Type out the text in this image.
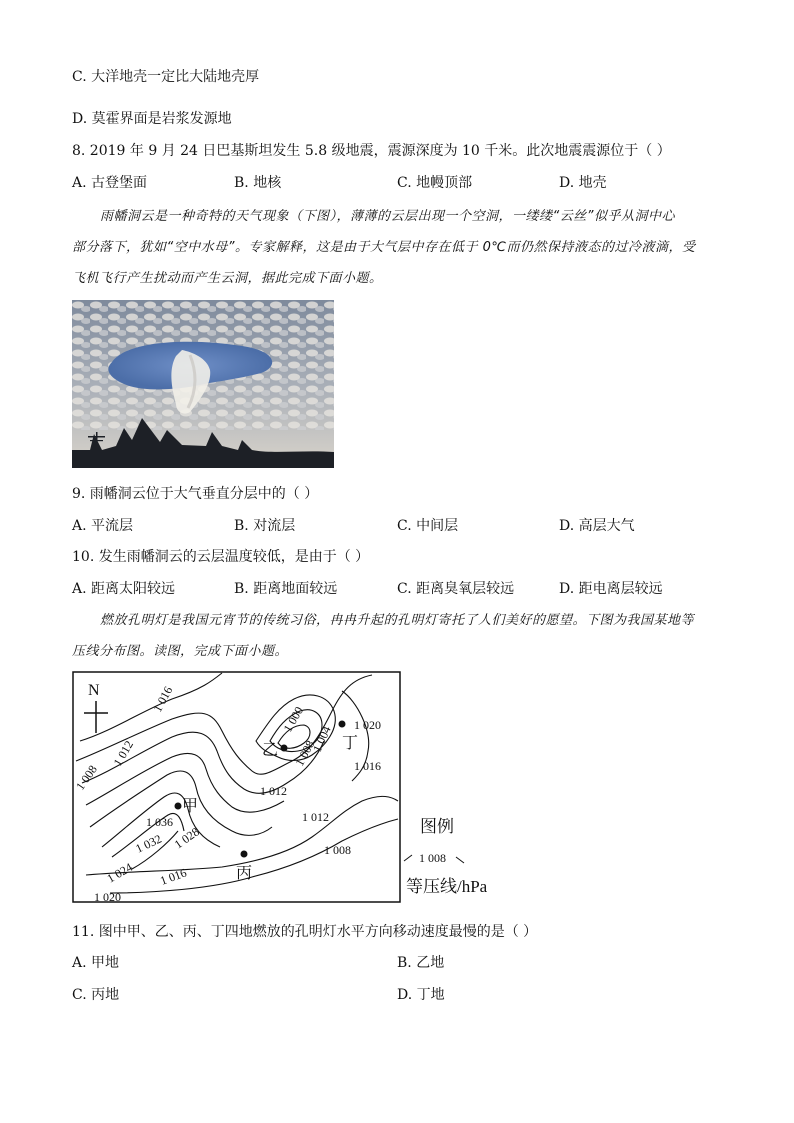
C. 大洋地壳一定比大陆地壳厚
D. 莫霍界面是岩浆发源地
8. 2019 年 9 月 24 日巴基斯坦发生 5.8 级地震，震源深度为 10 千米。此次地震震源位于（ ）
A. 古登堡面	B. 地核	C. 地幔顶部	D. 地壳
雨幡洞云是一种奇特的天气现象（下图），薄薄的云层出现一个空洞，一缕缕“云丝”似乎从洞中心
部分落下，犹如“空中水母”。专家解释，这是由于大气层中存在低于 0℃而仍然保持液态的过冷液滴，受
飞机飞行产生扰动而产生云洞，据此完成下面小题。
9. 雨幡洞云位于大气垂直分层中的（ ）
A. 平流层	B. 对流层	C. 中间层	D. 高层大气
10. 发生雨幡洞云的云层温度较低，是由于（ ）
A. 距离太阳较远	B. 距离地面较远	C. 距离臭氧层较远	D. 距电离层较远
燃放孔明灯是我国元宵节的传统习俗，冉冉升起的孔明灯寄托了人们美好的愿望。下图为我国某地等
压线分布图。读图，完成下面小题。
N	1 016
1 012
1 008
1 000
1 004 1 020
1 016
1 008
1 012
1 036
1 032 1 028
1 012
1 008
1 024 1 016
1 020
甲
乙
丙
丁
图例
1 008
等压线/hPa
11. 图中甲、乙、丙、丁四地燃放的孔明灯水平方向移动速度最慢的是（ ）
A. 甲地	B. 乙地
C. 丙地	D. 丁地
